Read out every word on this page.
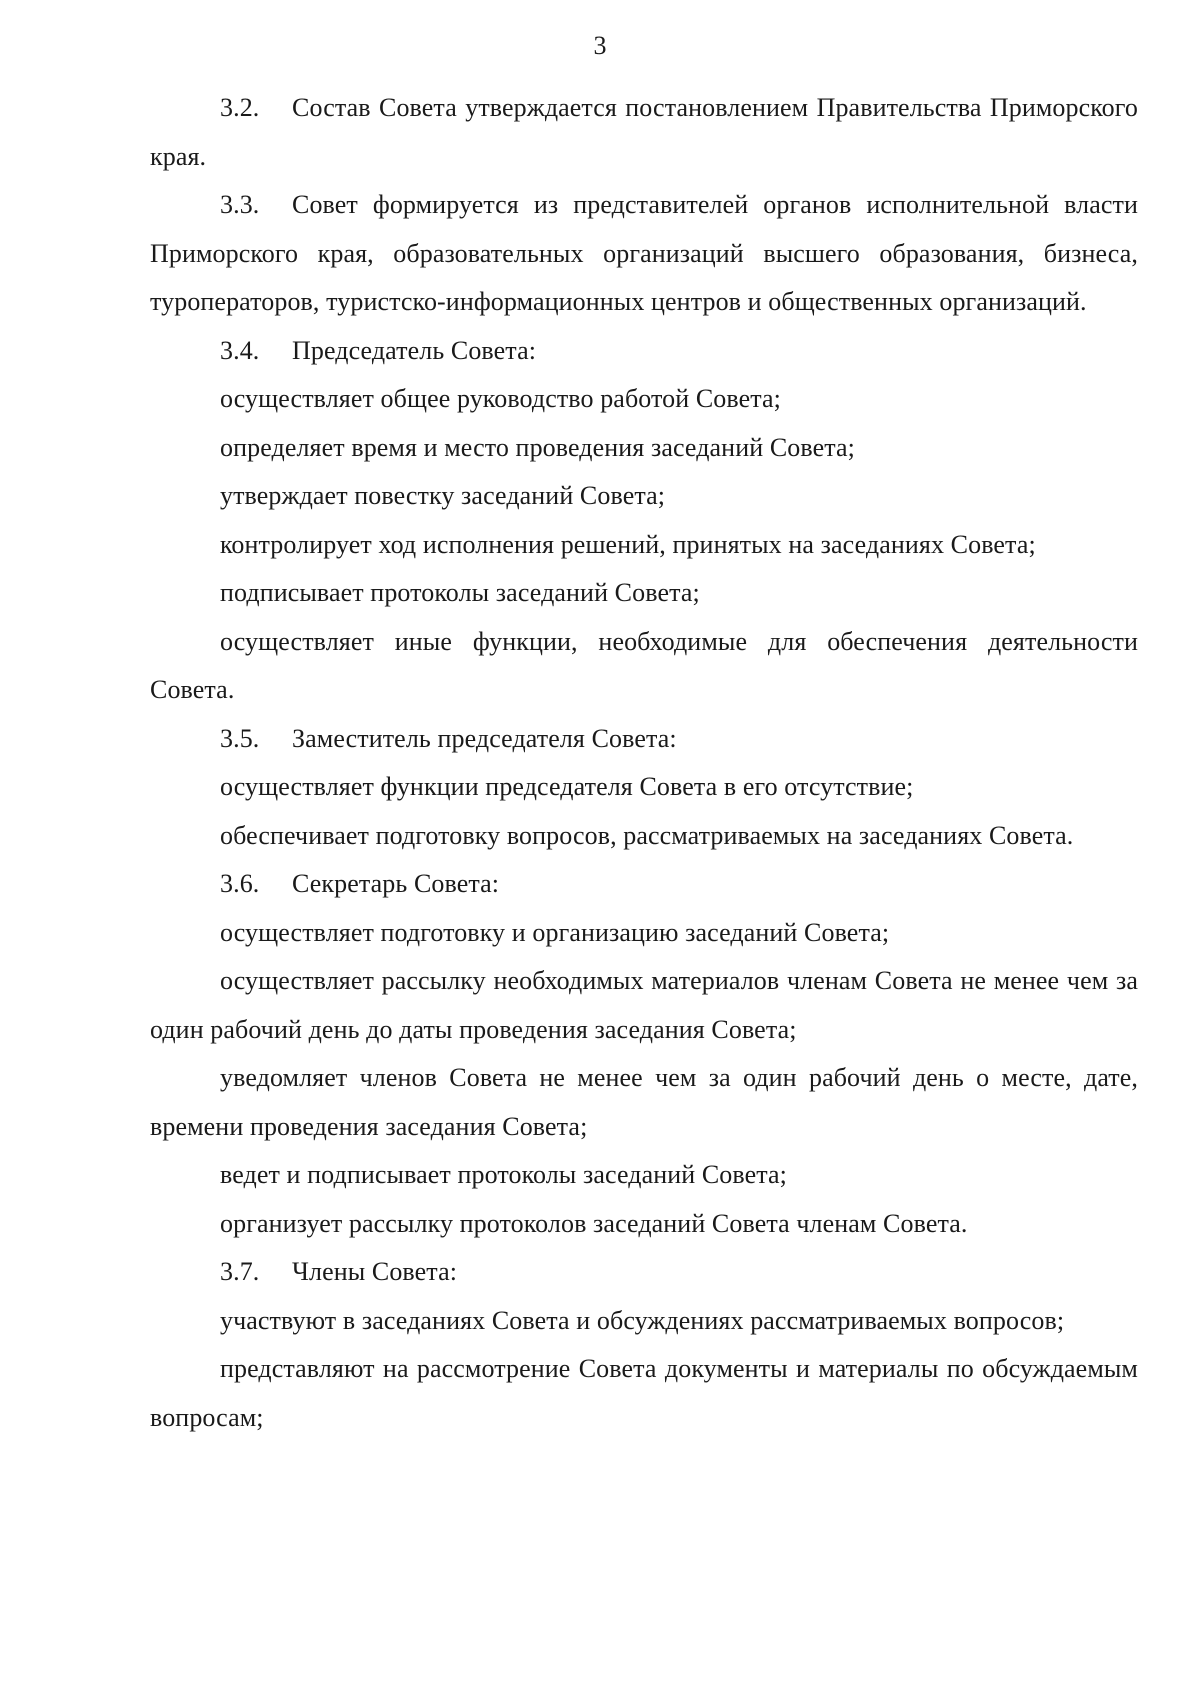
3

3.2. Состав Совета утверждается постановлением Правительства Приморского края.

3.3. Совет формируется из представителей органов исполнительной власти Приморского края, образовательных организаций высшего образования, бизнеса, туроператоров, туристско-информационных центров и общественных организаций.

3.4. Председатель Совета:

осуществляет общее руководство работой Совета;

определяет время и место проведения заседаний Совета;

утверждает повестку заседаний Совета;

контролирует ход исполнения решений, принятых на заседаниях Совета;

подписывает протоколы заседаний Совета;

осуществляет иные функции, необходимые для обеспечения деятельности Совета.

3.5. Заместитель председателя Совета:

осуществляет функции председателя Совета в его отсутствие;

обеспечивает подготовку вопросов, рассматриваемых на заседаниях Совета.

3.6. Секретарь Совета:

осуществляет подготовку и организацию заседаний Совета;

осуществляет рассылку необходимых материалов членам Совета не менее чем за один рабочий день до даты проведения заседания Совета;

уведомляет членов Совета не менее чем за один рабочий день о месте, дате, времени проведения заседания Совета;

ведет и подписывает протоколы заседаний Совета;

организует рассылку протоколов заседаний Совета членам Совета.

3.7. Члены Совета:

участвуют в заседаниях Совета и обсуждениях рассматриваемых вопросов;

представляют на рассмотрение Совета документы и материалы по обсуждаемым вопросам;
